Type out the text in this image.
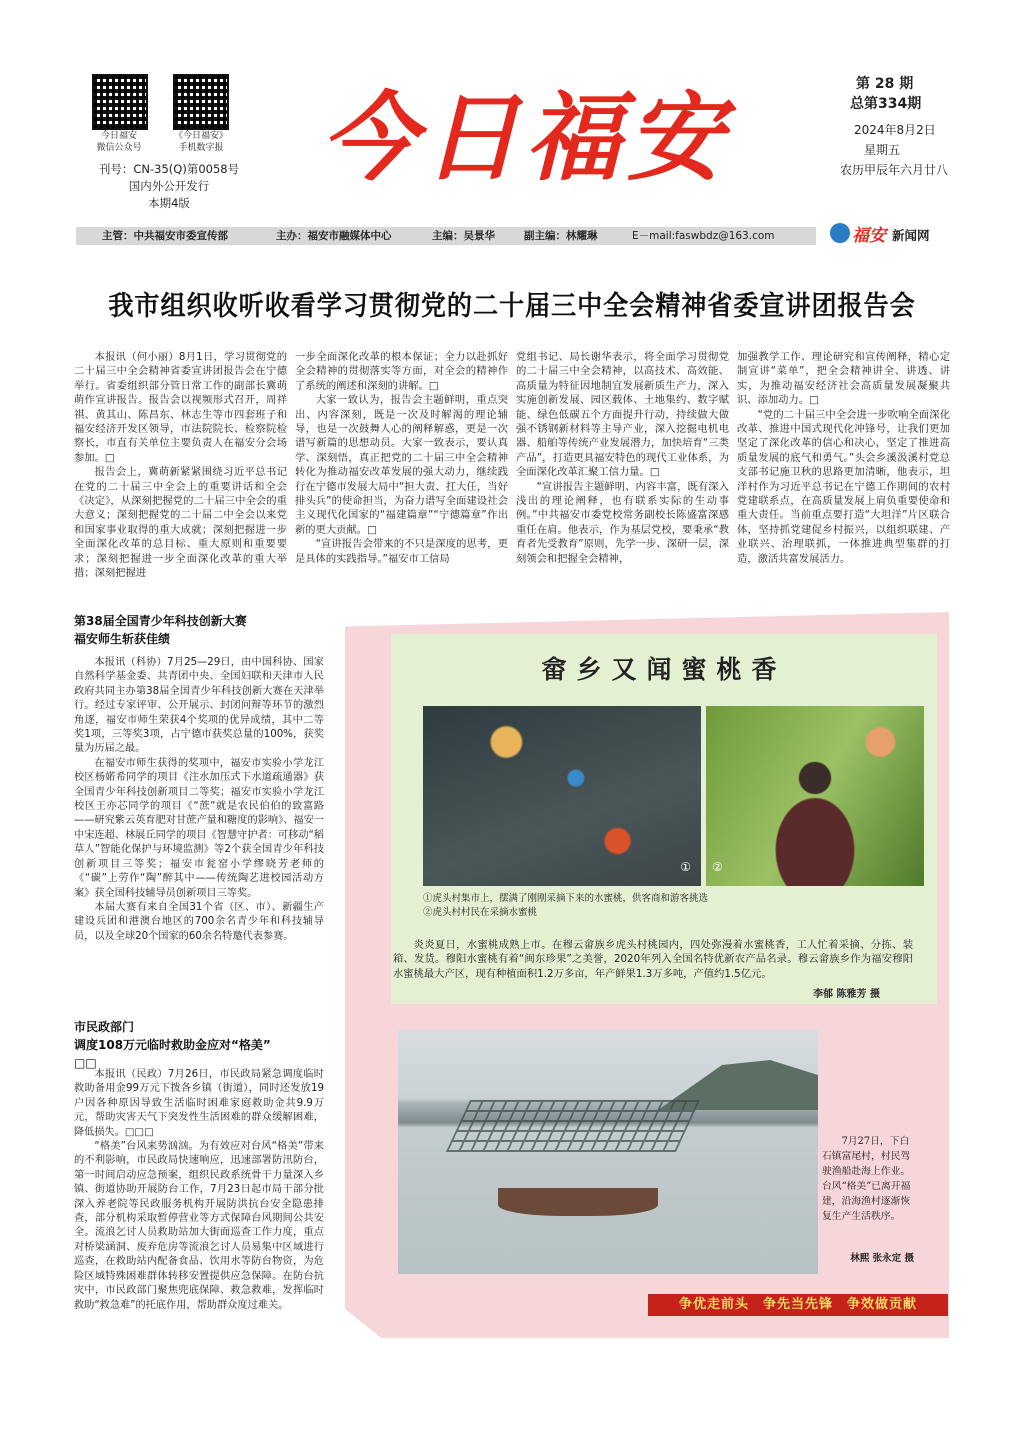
今日福安
微信公众号
《今日福安》
手机数字报
刊号：CN-35(Q)第0058号
国内外公开发行
本期4版
今日福安	第 28 期
总第334期
2024年8月2日
星期五
农历甲辰年六月廿八
主管：中共福安市委宣传部	主办：福安市融媒体中心	主编：吴景华	副主编：林耀琳	E－mail:faswbdz@163.com	福安 新闻网
我市组织收听收看学习贯彻党的二十届三中全会精神省委宣讲团报告会

本报讯（何小丽）8月1日，学习贯彻党的二十届三中全会精神省委宣讲团报告会在宁德举行。省委组织部分管日常工作的副部长冀萌萌作宣讲报告。报告会以视频形式召开，周祥祺、黄其山、陈昌东、林志生等市四套班子和福安经济开发区领导，市法院院长、检察院检察长，市直有关单位主要负责人在福安分会场参加。□

报告会上，冀萌新紧紧围绕习近平总书记在党的二十届三中全会上的重要讲话和全会《决定》，从深刻把握党的二十届三中全会的重大意义；深刻把握党的二十届二中全会以来党和国家事业取得的重大成就；深刻把握进一步全面深化改革的总目标、重大原则和重要要求；深刻把握进一步全面深化改革的重大举措；深刻把握进

一步全面深化改革的根本保证；全力以赴抓好全会精神的贯彻落实等方面，对全会的精神作了系统的阐述和深刻的讲解。□

大家一致认为，报告会主题鲜明，重点突出、内容深刻，既是一次及时解渴的理论辅导，也是一次鼓舞人心的阐释解惑，更是一次谱写新篇的思想动员。大家一致表示，要认真学、深刻悟，真正把党的二十届三中全会精神转化为推动福安改革发展的强大动力，继续践行在宁德市发展大局中“担大责、扛大任，当好排头兵”的使命担当，为奋力谱写全面建设社会主义现代化国家的“福建篇章”“宁德篇章”作出新的更大贡献。□

“宣讲报告会带来的不只是深度的思考，更是具体的实践指导。”福安市工信局

党组书记、局长谢华表示，将全面学习贯彻党的二十届三中全会精神，以高技术、高效能、高质量为特征因地制宜发展新质生产力，深入实施创新发展、园区载体、土地集约、数字赋能、绿色低碳五个方面提升行动，持续做大做强不锈钢新材料等主导产业，深入挖掘电机电器、船舶等传统产业发展潜力，加快培育“三类产品”，打造更具福安特色的现代工业体系，为全面深化改革汇聚工信力量。□

“宣讲报告主题鲜明、内容丰富，既有深入浅出的理论阐释，也有联系实际的生动事例。”中共福安市委党校常务副校长陈盛富深感重任在肩。他表示，作为基层党校，要秉承“教育者先受教育”原则，先学一步、深研一层，深刻领会和把握全会精神，

加强教学工作、理论研究和宣传阐释，精心定制宣讲“菜单”，把全会精神讲全、讲透、讲实，为推动福安经济社会高质量发展凝聚共识、添加动力。□

“党的二十届三中全会进一步吹响全面深化改革、推进中国式现代化冲锋号，让我们更加坚定了深化改革的信心和决心，坚定了推进高质量发展的底气和勇气。”头会乡溪汲溪村党总支部书记施卫秋的思路更加清晰，他表示，坦洋村作为习近平总书记在宁德工作期间的农村党建联系点，在高质量发展上肩负重要使命和重大责任。当前重点要打造“大坦洋”片区联合体，坚持抓党建促乡村振兴，以组织联建、产业联兴、治理联抓，一体推进典型集群的打造，激活共富发展活力。

第38届全国青少年科技创新大赛
福安师生斩获佳绩

本报讯（科协）7月25—29日，由中国科协、国家自然科学基金委、共青团中央、全国妇联和天津市人民政府共同主办第38届全国青少年科技创新大赛在天津举行。经过专家评审、公开展示、封闭问辩等环节的激烈角逐，福安市师生荣获4个奖项的优异成绩，其中二等奖1项，三等奖3项，占宁德市获奖总量的100%，获奖量为历届之最。

在福安市师生获得的奖项中，福安市实验小学龙江校区杨婼希同学的项目《注水加压式下水道疏通器》获全国青少年科技创新项目二等奖；福安市实验小学龙江校区王亦芯同学的项目《“蔗”就是农民伯伯的致富路——研究紫云英育肥对甘蔗产量和糖度的影响》、福安一中宋连超、林展丘同学的项目《智慧守护者：可移动“稻草人”智能化保护与环境监测》等2个获全国青少年科技创新项目三等奖；福安市瓮窑小学缪晓芳老师的《“碳”上劳作“陶”醉其中——传统陶艺进校园活动方案》获全国科技辅导员创新项目三等奖。

本届大赛有来自全国31个省（区、市）、新疆生产建设兵团和港澳台地区的700余名青少年和科技辅导员，以及全球20个国家的60余名特邀代表参赛。

市民政部门
调度108万元临时救助金应对“格美”
□□

本报讯（民政）7月26日，市民政局紧急调度临时救助备用金99万元下拨各乡镇（街道），同时还发放19户因各种原因导致生活临时困难家庭救助金共9.9万元，帮助灾害天气下突发性生活困难的群众缓解困难，降低损失。□□□

“格美”台风来势汹汹。为有效应对台风“格美”带来的不利影响，市民政局快速响应，迅速部署防汛防台，第一时间启动应急预案，组织民政系统骨干力量深入乡镇、街道协助开展防台工作，7月23日起市局干部分批深入养老院等民政服务机构开展防洪抗台安全隐患排查，部分机构采取暂停营业等方式保障台风期间公共安全。流浪乞讨人员救助站加大街面巡查工作力度，重点对桥梁涵洞、废弃危房等流浪乞讨人员易集中区域进行巡查，在救助站内配备食品、饮用水等防台物资，为危险区域特殊困难群体转移安置提供应急保障。在防台抗灾中，市民政部门聚焦兜底保障、救急救难，发挥临时救助“救急难”的托底作用，帮助群众度过难关。

畲乡又闻蜜桃香
① ②
①虎头村集市上，摆满了刚刚采摘下来的水蜜桃，供客商和游客挑选
②虎头村村民在采摘水蜜桃

炎炎夏日，水蜜桃成熟上市。在穆云畲族乡虎头村桃园内，四处弥漫着水蜜桃香，工人忙着采摘、分拣、装箱、发货。穆阳水蜜桃有着“闽东珍果”之美誉，2020年列入全国名特优新农产品名录。穆云畲族乡作为福安穆阳水蜜桃最大产区，现有种植面积1.2万多亩，年产鲜果1.3万多吨，产值约1.5亿元。

李郁 陈雅芳 摄
7月27日，下白石镇富尾村，村民驾驶渔船赴海上作业。台风“格美”已离开福建，沿海渔村逐渐恢复生产生活秩序。
林熙 张永定 摄
争优走前头　争先当先锋　争效做贡献
